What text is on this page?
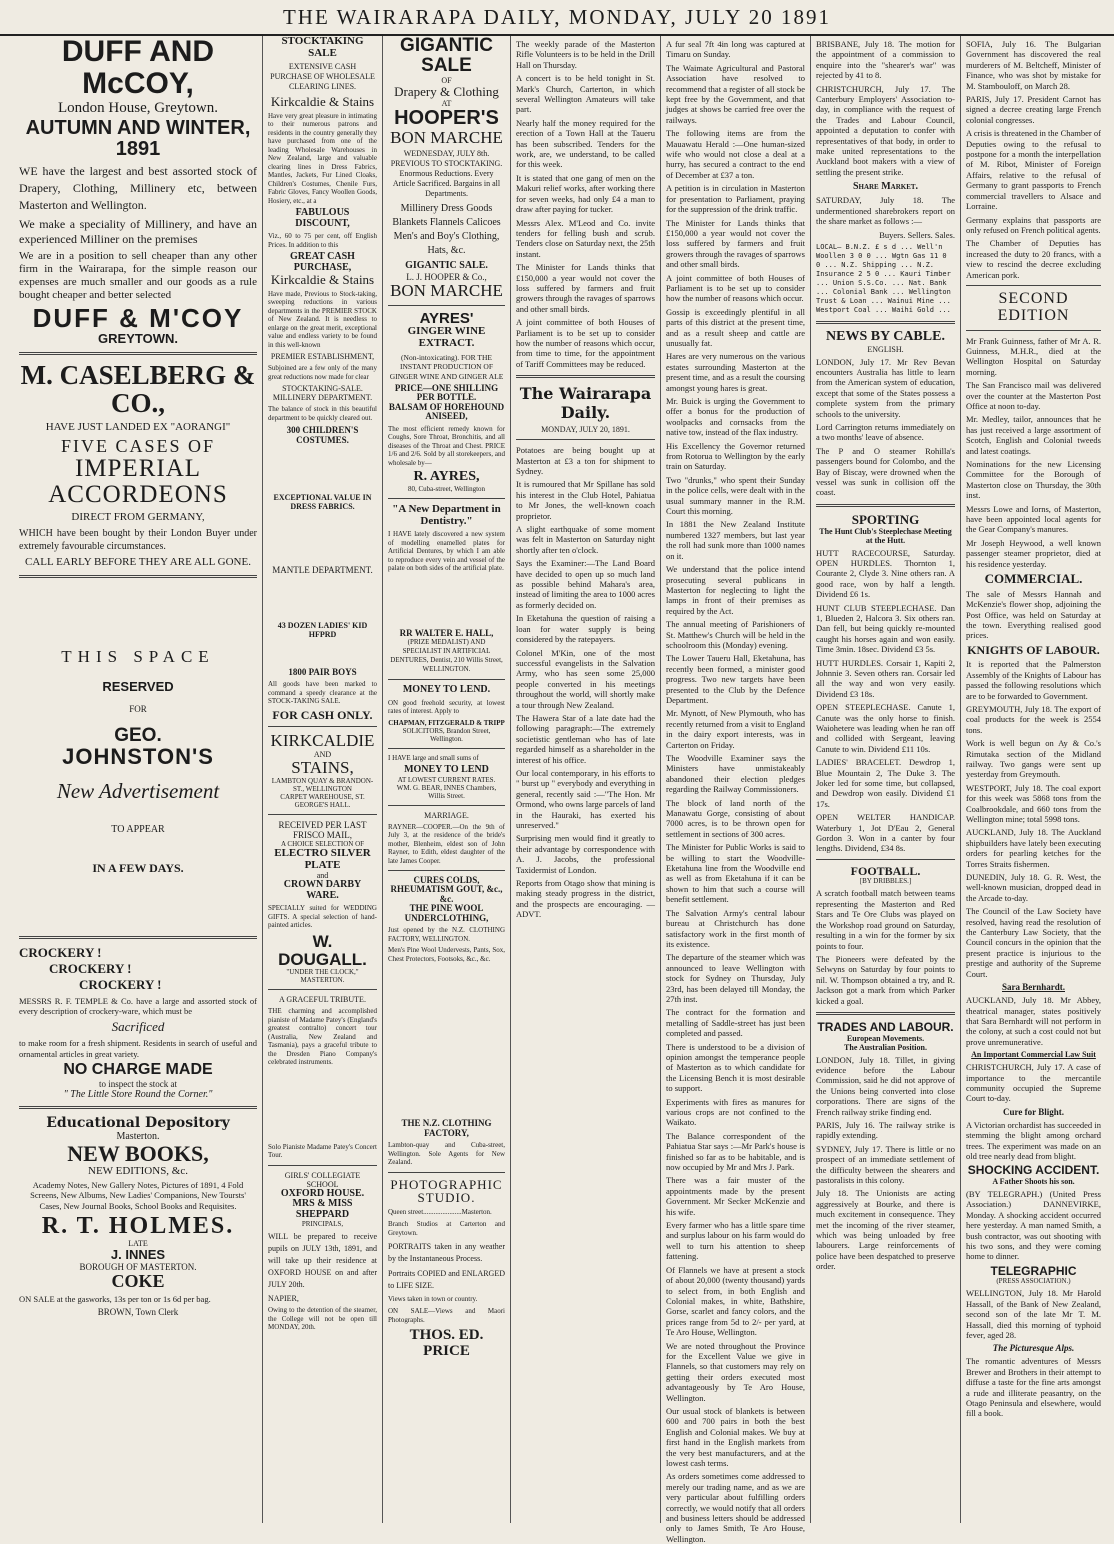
THE WAIRARAPA DAILY, MONDAY, JULY 20 1891
DUFF AND McCOY,
London House, Greytown.
AUTUMN AND WINTER, 1891
WE have the largest and best assorted stock of Drapery, Clothing, Millinery etc, between Masterton and Wellington.
We make a speciality of Millinery, and have an experienced Milliner on the premises
We are in a position to sell cheaper than any other firm in the Wairarapa, for the simple reason our expenses are much smaller and our goods as a rule bought cheaper and better selected
DUFF & M'COY
GREYTOWN.
M. CASELBERG & CO.,
HAVE JUST LANDED EX "AORANGI"
FIVE CASES OF
IMPERIAL ACCORDEONS
DIRECT FROM GERMANY,
WHICH have been bought by their London Buyer under extremely favourable circumstances.
CALL EARLY BEFORE THEY ARE ALL GONE.
THIS SPACE
RESERVED
FOR
GEO.
JOHNSTON'S
New Advertisement
TO APPEAR
IN A FEW DAYS.
CROCKERY !
CROCKERY !
CROCKERY !
MESSRS R. F. TEMPLE & Co. have a large and assorted stock of every description of crockery-ware, which must be
Sacrificed
to make room for a fresh shipment. Residents in search of useful and ornamental articles in great variety.
NO CHARGE MADE
to inspect the stock at
" The Little Store Round the Corner."
Educational Depository
Masterton.
NEW BOOKS,
NEW EDITIONS, &c.
Academy Notes, New Gallery Notes, Pictures of 1891, 4 Fold Screens, New Albums, New Ladies' Companions, New Toursts' Cases, New Journal Books, School Books and Requisites.
R. T. HOLMES.
LATE
J. INNES
BOROUGH OF MASTERTON.
COKE
ON SALE at the gasworks, 13s per ton or 1s 6d per bag.
BROWN, Town Clerk
STOCKTAKING SALE
EXTENSIVE CASH PURCHASE OF WHOLESALE CLEARING LINES.
Kirkcaldie & Stains
Have very great pleasure in intimating to their numerous patrons and residents in the country generally they have purchased from one of the leading Wholesale Warehouses in New Zealand, large and valuable clearing lines in Dress Fabrics, Mantles, Jackets, Fur Lined Cloaks, Children's Costumes, Chenile Furs, Fabric Gloves, Fancy Woollen Goods, Hosiery, etc., at a
FABULOUS DISCOUNT,
Viz., 60 to 75 per cent, off English Prices. In addition to this
GREAT CASH PURCHASE,
Kirkcaldie & Stains
Have made, Previous to Stock-taking, sweeping reductions in various departments in the PREMIER STOCK of New Zealand. It is needless to enlarge on the great merit, exceptional value and endless variety to be found in this well-known
PREMIER ESTABLISHMENT,
Subjoined are a few only of the many great reductions now made for clear
STOCKTAKING-SALE.
MILLINERY DEPARTMENT.
The balance of stock in this beautiful department to be quickly cleared out.
300 CHILDREN'S COSTUMES.
EXCEPTIONAL VALUE IN DRESS FABRICS.
MANTLE DEPARTMENT.
43 DOZEN LADIES' KID HFPRD
1800 PAIR BOYS
All goods have been marked to command a speedy clearance at the STOCK-TAKING SALE.
FOR CASH ONLY.
KIRKCALDIE
AND
STAINS,
LAMBTON QUAY & BRANDON-ST., WELLINGTON
CARPET WAREHOUSE, ST. GEORGE'S HALL.
RECEIVED PER LAST FRISCO MAIL,
A CHOICE SELECTION OF
ELECTRO SILVER PLATE
and
CROWN DARBY WARE.
SPECIALLY suited for WEDDING GIFTS. A special selection of hand-painted articles.
W. DOUGALL.
"UNDER THE CLOCK," MASTERTON.
A GRACEFUL TRIBUTE.
THE charming and accomplished pianiste of Madame Patey's (England's greatest contralto) concert tour (Australia, New Zealand and Tasmania), pays a graceful tribute to the Dresden Piano Company's celebrated instruments.
Solo Pianiste Madame Patey's Concert Tour.
GIRLS' COLLEGIATE SCHOOL
OXFORD HOUSE.
MRS & MISS SHEPPARD
PRINCIPALS,
WILL be prepared to receive pupils on JULY 13th, 1891, and will take up their residence at OXFORD HOUSE on and after JULY 20th.
NAPIER,
Owing to the detention of the steamer, the College will not be open till MONDAY, 20th.
GIGANTIC SALE
OF
Drapery & Clothing
AT
HOOPER'S
BON MARCHE
WEDNESDAY, JULY 8th. PREVIOUS TO STOCKTAKING. Enormous Reductions. Every Article Sacrificed. Bargains in all Departments.
Millinery Dress Goods Blankets Flannels Calicoes Men's and Boy's Clothing, Hats, &c.
GIGANTIC SALE.
L. J. HOOPER & Co.,
BON MARCHE
AYRES'
GINGER WINE EXTRACT.
(Non-intoxicating). FOR THE INSTANT PRODUCTION OF GINGER WINE AND GINGER ALE
PRICE—ONE SHILLING PER BOTTLE.
BALSAM OF HOREHOUND ANISEED,
The most efficient remedy known for Coughs, Sore Throat, Bronchitis, and all diseases of the Throat and Chest. PRICE 1/6 and 2/6. Sold by all storekeepers, and wholesale by—
R. AYRES,
80, Cuba-street, Wellington
"A New Department in Dentistry."
I HAVE lately discovered a new system of modelling enamelled plates for Artificial Dentures, by which I am able to reproduce every vein and vessel of the palate on both sides of the artificial plate.
RR WALTER E. HALL,
(PRIZE MEDALIST) AND SPECIALIST IN ARTIFICIAL DENTURES, Dentist, 210 Willis Street, WELLINGTON.
MONEY TO LEND.
ON good freehold security, at lowest rates of interest. Apply to
CHAPMAN, FITZGERALD & TRIPP
SOLICITORS, Brandon Street, Wellington.
I HAVE large and small sums of
MONEY TO LEND
AT LOWEST CURRENT RATES.
WM. G. BEAR, INNES Chambers, Willis Street.
MARRIAGE.
RAYNER—COOPER.—On the 9th of July 3, at the residence of the bride's mother, Blenheim, eldest son of John Rayner, to Edith, eldest daughter of the late James Cooper.
CURES COLDS, RHEUMATISM GOUT, &c., &c.
THE PINE WOOL UNDERCLOTHING,
Just opened by the N.Z. CLOTHING FACTORY, WELLINGTON.
Men's Pine Wool Undervests, Pants, Sox, Chest Protectors, Footsoks, &c., &c.
THE N.Z. CLOTHING FACTORY,
Lambton-quay and Cuba-street, Wellington. Sole Agents for New Zealand.
PHOTOGRAPHIC STUDIO.
Queen street......................Masterton.
Branch Studios at Carterton and Greytown.
PORTRAITS taken in any weather by the Instantaneous Process.
Portraits COPIED and ENLARGED to LIFE SIZE.
Views taken in town or country.
ON SALE—Views and Maori Photographs.
THOS. ED. PRICE
The weekly parade of the Masterton Rifle Volunteers is to be held in the Drill Hall on Thursday.
A concert is to be held tonight in St. Mark's Church, Carterton, in which several Wellington Amateurs will take part.
Nearly half the money required for the erection of a Town Hall at the Taueru has been subscribed. Tenders for the work, are, we understand, to be called for this week.
It is stated that one gang of men on the Makuri relief works, after working there for seven weeks, had only £4 a man to draw after paying for tucker.
Messrs Alex. M'Leod and Co. invite tenders for felling bush and scrub. Tenders close on Saturday next, the 25th instant.
The Minister for Lands thinks that £150,000 a year would not cover the loss suffered by farmers and fruit growers through the ravages of sparrows and other small birds.
A joint committee of both Houses of Parliament is to be set up to consider how the number of reasons which occur, from time to time, for the appointment of Tariff Committees may be reduced.
The Wairarapa Daily.
MONDAY, JULY 20, 1891.
Potatoes are being bought up at Masterton at £3 a ton for shipment to Sydney.
It is rumoured that Mr Spillane has sold his interest in the Club Hotel, Pahiatua to Mr Jones, the well-known coach proprietor.
A slight earthquake of some moment was felt in Masterton on Saturday night shortly after ten o'clock.
Says the Examiner:—The Land Board have decided to open up so much land as possible behind Mahara's area, instead of limiting the area to 1000 acres as formerly decided on.
In Eketahuna the question of raising a loan for water supply is being considered by the ratepayers.
Colonel M'Kin, one of the most successful evangelists in the Salvation Army, who has seen some 25,000 people converted in his meetings throughout the world, will shortly make a tour through New Zealand.
The Hawera Star of a late date had the following paragraph:—The extremely societistic gentleman who has of late regarded himself as a shareholder in the interest of his office.
Our local contemporary, in his efforts to " burst up " everybody and everything in general, recently said :—"The Hon. Mr Ormond, who owns large parcels of land in the Hauraki, has exerted his unreserved."
Surprising men would find it greatly to their advantage by correspondence with A. J. Jacobs, the professional Taxidermist of London.
Reports from Otago show that mining is making steady progress in the district, and the prospects are encouraging. —ADVT.
A fur seal 7ft 4in long was captured at Timaru on Sunday.
The Waimate Agricultural and Pastoral Association have resolved to recommend that a register of all stock be kept free by the Government, and that judges at shows be carried free over the railways.
The following items are from the Mauawatu Herald :—One human-sized wife who would not close a deal at a hurry, has secured a contract to the end of December at £37 a ton.
A petition is in circulation in Masterton for presentation to Parliament, praying for the suppression of the drink traffic.
The Minister for Lands thinks that £150,000 a year would not cover the loss suffered by farmers and fruit growers through the ravages of sparrows and other small birds.
A joint committee of both Houses of Parliament is to be set up to consider how the number of reasons which occur.
Gossip is exceedingly plentiful in all parts of this district at the present time, and as a result sheep and cattle are unusually fat.
Hares are very numerous on the various estates surrounding Masterton at the present time, and as a result the coursing amongst young hares is great.
Mr. Buick is urging the Government to offer a bonus for the production of woolpacks and cornsacks from the native tow, instead of the flax industry.
His Excellency the Governor returned from Rotorua to Wellington by the early train on Saturday.
Two "drunks," who spent their Sunday in the police cells, were dealt with in the usual summary manner in the R.M. Court this morning.
In 1881 the New Zealand Institute numbered 1327 members, but last year the roll had sunk more than 1000 names on it.
We understand that the police intend prosecuting several publicans in Masterton for neglecting to light the lamps in front of their premises as required by the Act.
The annual meeting of Parishioners of St. Matthew's Church will be held in the schoolroom this (Monday) evening.
The Lower Taueru Hall, Eketahuna, has recently been formed, a minister good progress. Two new targets have been presented to the Club by the Defence Department.
Mr. Mynott, of New Plymouth, who has recently returned from a visit to England in the dairy export interests, was in Carterton on Friday.
The Woodville Examiner says the Ministers have unmistakeably abandoned their election pledges regarding the Railway Commissioners.
The block of land north of the Manawatu Gorge, consisting of about 7000 acres, is to be thrown open for settlement in sections of 300 acres.
The Minister for Public Works is said to be willing to start the Woodville-Eketahuna line from the Woodville end as well as from Eketahuna if it can be shown to him that such a course will benefit settlement.
The Salvation Army's central labour bureau at Christchurch has done satisfactory work in the first month of its existence.
The departure of the steamer which was announced to leave Wellington with stock for Sydney on Thursday, July 23rd, has been delayed till Monday, the 27th inst.
The contract for the formation and metalling of Saddle-street has just been completed and passed.
There is understood to be a division of opinion amongst the temperance people of Masterton as to which candidate for the Licensing Bench it is most desirable to support.
Experiments with fires as manures for various crops are not confined to the Waikato.
The Balance correspondent of the Pahiatua Star says :—Mr Park's house is finished so far as to be habitable, and is now occupied by Mr and Mrs J. Park.
There was a fair muster of the appointments made by the present Government. Mr Secker McKenzie and his wife.
Every farmer who has a little spare time and surplus labour on his farm would do well to turn his attention to sheep fattening.
Of Flannels we have at present a stock of about 20,000 (twenty thousand) yards to select from, in both English and Colonial makes, in white, Bathshire, Gorse, scarlet and fancy colors, and the prices range from 5d to 2/- per yard, at Te Aro House, Wellington.
We are noted throughout the Province for the Excellent Value we give in Flannels, so that customers may rely on getting their orders executed most advantageously by Te Aro House, Wellington.
Our usual stock of blankets is between 600 and 700 pairs in both the best English and Colonial makes. We buy at first hand in the English markets from the very best manufacturers, and at the lowest cash terms.
As orders sometimes come addressed to merely our trading name, and as we are very particular about fulfilling orders correctly, we would notify that all orders and business letters should be addressed only to James Smith, Te Aro House, Wellington.
BRISBANE, July 18. The motion for the appointment of a commission to enquire into the "shearer's war" was rejected by 41 to 8.
CHRISTCHURCH, July 17. The Canterbury Employers' Association to-day, in compliance with the request of the Trades and Labour Council, appointed a deputation to confer with representatives of that body, in order to make united representations to the Auckland boot makers with a view of settling the present strike.
Share Market.
SATURDAY, July 18. The undermentioned sharebrokers report on the share market as follows :—
Buyers. Sellers. Sales.
LOCAL— B.N.Z. £ s d ... Well'n Woollen 3 0 0 ... Wgtn Gas 11 0 0 ... N.Z. Shipping ... N.Z. Insurance 2 5 0 ... Kauri Timber ... Union S.S.Co. ... Nat. Bank ... Colonial Bank ... Wellington Trust & Loan ... Wainui Mine ... Westport Coal ... Waihi Gold ...
NEWS BY CABLE.
ENGLISH.
LONDON, July 17. Mr Rev Bevan encounters Australia has little to learn from the American system of education, except that some of the States possess a complete system from the primary schools to the university.
Lord Carrington returns immediately on a two months' leave of absence.
The P and O steamer Rohilla's passengers bound for Colombo, and the Bay of Biscay, were drowned when the vessel was sunk in collision off the coast.
SPORTING
The Hunt Club's Steeplechase Meeting at the Hutt.
HUTT RACECOURSE, Saturday. OPEN HURDLES. Thornton 1, Courante 2, Clyde 3. Nine others ran. A good race, won by half a length. Dividend £6 1s.
HUNT CLUB STEEPLECHASE. Dan 1, Blueden 2, Halcora 3. Six others ran. Dan fell, but being quickly re-mounted caught his horses again and won easily. Time 3min. 18sec. Dividend £3 5s.
HUTT HURDLES. Corsair 1, Kapiti 2, Johnnie 3. Seven others ran. Corsair led all the way and won very easily. Dividend £3 18s.
OPEN STEEPLECHASE. Canute 1, Canute was the only horse to finish. Waiohetere was leading when he ran off and collided with Sergeant, leaving Canute to win. Dividend £11 10s.
LADIES' BRACELET. Dewdrop 1, Blue Mountain 2, The Duke 3. The Joker led for some time, but collapsed, and Dewdrop won easily. Dividend £1 17s.
OPEN WELTER HANDICAP. Waterbury 1, Jot D'Eau 2, General Gordon 3. Won in a canter by four lengths. Dividend, £34 8s.
FOOTBALL.
[BY DRIBBLES.]
A scratch football match between teams representing the Masterton and Red Stars and Te Ore Clubs was played on the Workshop road ground on Saturday, resulting in a win for the former by six points to four.
The Pioneers were defeated by the Selwyns on Saturday by four points to nil. W. Thompson obtained a try, and R. Jackson got a mark from which Parker kicked a goal.
TRADES AND LABOUR.
European Movements.
The Australian Position.
LONDON, July 18. Tillet, in giving evidence before the Labour Commission, said he did not approve of the Unions being converted into close corporations. There are signs of the French railway strike finding end.
PARIS, July 16. The railway strike is rapidly extending.
SYDNEY, July 17. There is little or no prospect of an immediate settlement of the difficulty between the shearers and pastoralists in this colony.
July 18. The Unionists are acting aggressively at Bourke, and there is much excitement in consequence. They met the incoming of the river steamer, which was being unloaded by free labourers. Large reinforcements of police have been despatched to preserve order.
SOFIA, July 16. The Bulgarian Government has discovered the real murderers of M. Beltcheff, Minister of Finance, who was shot by mistake for M. Stambouloff, on March 28.
PARIS, July 17. President Carnot has signed a decree creating large French colonial congresses.
A crisis is threatened in the Chamber of Deputies owing to the refusal to postpone for a month the interpellation of M. Ribot, Minister of Foreign Affairs, relative to the refusal of Germany to grant passports to French commercial travellers to Alsace and Lorraine.
Germany explains that passports are only refused on French political agents.
The Chamber of Deputies has increased the duty to 20 francs, with a view to rescind the decree excluding American pork.
SECOND EDITION
Mr Frank Guinness, father of Mr A. R. Guinness, M.H.R., died at the Wellington Hospital on Saturday morning.
The San Francisco mail was delivered over the counter at the Masterton Post Office at noon to-day.
Mr. Medley, tailor, announces that he has just received a large assortment of Scotch, English and Colonial tweeds and latest coatings.
Nominations for the new Licensing Committee for the Borough of Masterton close on Thursday, the 30th inst.
Messrs Lowe and Iorns, of Masterton, have been appointed local agents for the Gear Company's manures.
Mr Joseph Heywood, a well known passenger steamer proprietor, died at his residence yesterday.
COMMERCIAL.
The sale of Messrs Hannah and McKenzie's flower shop, adjoining the Post Office, was held on Saturday at the town. Everything realised good prices.
KNIGHTS OF LABOUR.
It is reported that the Palmerston Assembly of the Knights of Labour has passed the following resolutions which are to be forwarded to Government.
GREYMOUTH, July 18. The export of coal products for the week is 2554 tons.
Work is well begun on Ay & Co.'s Rimutaka section of the Midland railway. Two gangs were sent up yesterday from Greymouth.
WESTPORT, July 18. The coal export for this week was 5868 tons from the Coalbrookdale, and 660 tons from the Wellington mine; total 5998 tons.
AUCKLAND, July 18. The Auckland shipbuilders have lately been executing orders for pearling ketches for the Torres Straits fishermen.
DUNEDIN, July 18. G. R. West, the well-known musician, dropped dead in the Arcade to-day.
The Council of the Law Society have resolved, having read the resolution of the Canterbury Law Society, that the Council concurs in the opinion that the present practice is injurious to the prestige and authority of the Supreme Court.
Sara Bernhardt.
AUCKLAND, July 18. Mr Abbey, theatrical manager, states positively that Sara Bernhardt will not perform in the colony, at such a cost could not but prove unremunerative.
An Important Commercial Law Suit
CHRISTCHURCH, July 17. A case of importance to the mercantile community occupied the Supreme Court to-day.
Cure for Blight.
A Victorian orchardist has succeeded in stemming the blight among orchard trees. The experiment was made on an old tree nearly dead from blight.
SHOCKING ACCIDENT.
A Father Shoots his son.
(BY TELEGRAPH.) (United Press Association.) DANNEVIRKE, Monday. A shocking accident occurred here yesterday. A man named Smith, a bush contractor, was out shooting with his two sons, and they were coming home to dinner.
TELEGRAPHIC
(PRESS ASSOCIATION.)
WELLINGTON, July 18. Mr Harold Hassall, of the Bank of New Zealand, second son of the late Mr T. M. Hassall, died this morning of typhoid fever, aged 28.
The Picturesque Alps.
The romantic adventures of Messrs Brewer and Brothers in their attempt to diffuse a taste for the fine arts amongst a rude and illiterate peasantry, on the Otago Peninsula and elsewhere, would fill a book.
